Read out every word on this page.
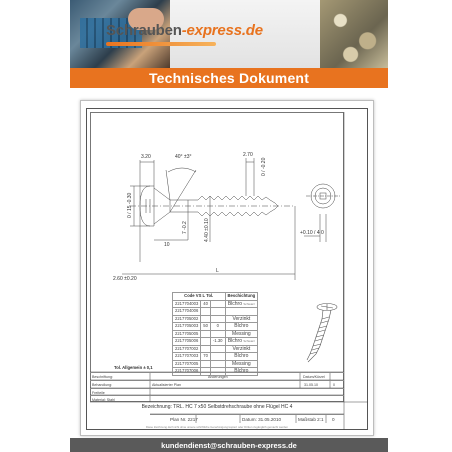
Schrauben-express.de
Technisches Dokument
3.20	40° ±3°	2.70
0 / -0.20
0 / 15 -0.30
7 -0.2	4.40 ±0.10
10
2.60 ±0.20
L
+0.10 / 4 0
Code VS L Tol.			Beschichtung
2217704003	40		Blchro Schwarz
2217704006			
2217705002			Verzinkt
2217705003	50	0	Blchro
2217705005			Messing
2217705006		-1.30	Blchro Schwarz
2217707002			Verzinkt
2217707003	70		Blchro
2217707005			Messing
2217707006			Blchro
Tol. Allgemein ± 0,1
Beschriftung:	Änderungen	Datum/Kürzel
Behandlung:	Aktualisierter Plan	31.05.10	0
Freiteile
Material: Stahl
Bezeichnung: TRL. HC 7 x50 Selbstdrehschraube ohne Flügel HC 4
Plan Nr. 2217	Datum: 31.05.2010	Maßstab 2:1 0
Diese Zeichnung darf nicht ohne unsere schriftliche Genehmigung kopiert oder Dritten zugänglich gemacht werden
kundendienst@schrauben-express.de
